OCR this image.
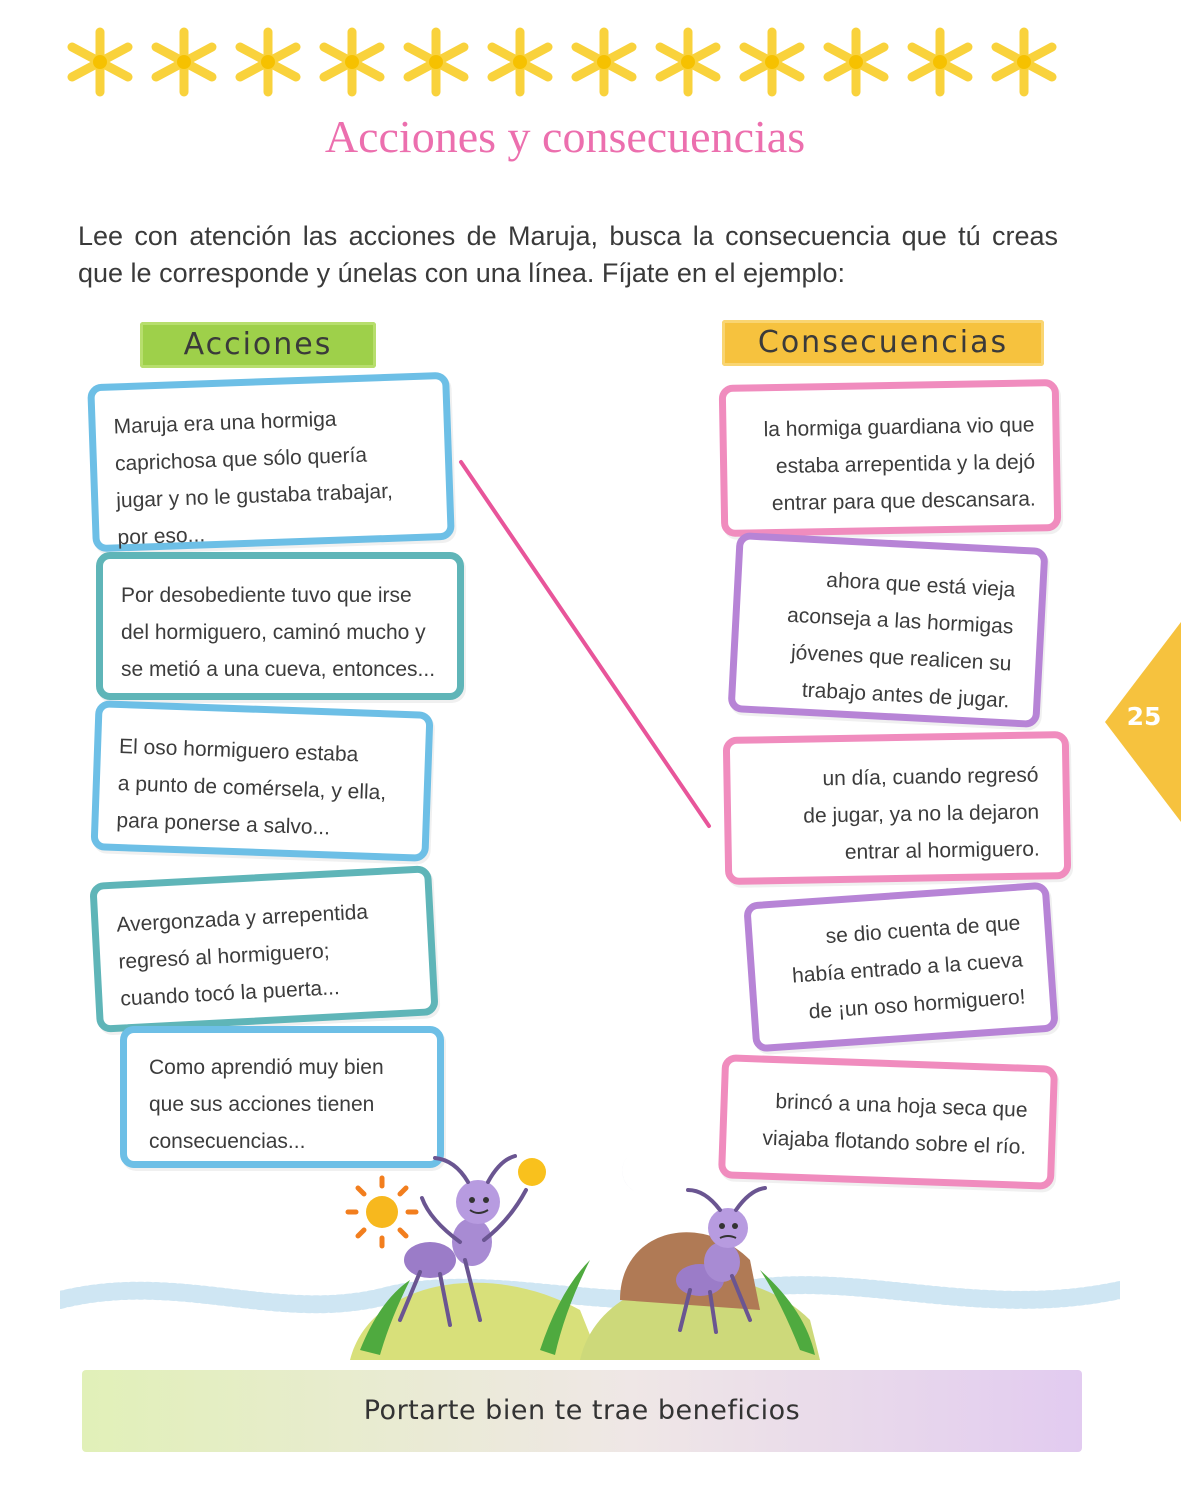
Acciones y consecuencias
Lee con atención las acciones de Maruja, busca la consecuencia que tú creas que le corresponde y únelas con una línea. Fíjate en el ejemplo:
Acciones	Consecuencias
Maruja era una hormiga
caprichosa que sólo quería
jugar y no le gustaba trabajar,
por eso...
Por desobediente tuvo que irse
del hormiguero, caminó mucho y
se metió a una cueva, entonces...
El oso hormiguero estaba
a punto de comérsela, y ella,
para ponerse a salvo...
Avergonzada y arrepentida
regresó al hormiguero;
cuando tocó la puerta...
Como aprendió muy bien
que sus acciones tienen
consecuencias...
la hormiga guardiana vio que
estaba arrepentida y la dejó
entrar para que descansara.
ahora que está vieja
aconseja a las hormigas
jóvenes que realicen su
trabajo antes de jugar.
un día, cuando regresó
de jugar, ya no la dejaron
entrar al hormiguero.
se dio cuenta de que
había entrado a la cueva
de ¡un oso hormiguero!
brincó a una hoja seca que
viajaba flotando sobre el río.
25
Portarte bien te trae beneficios
